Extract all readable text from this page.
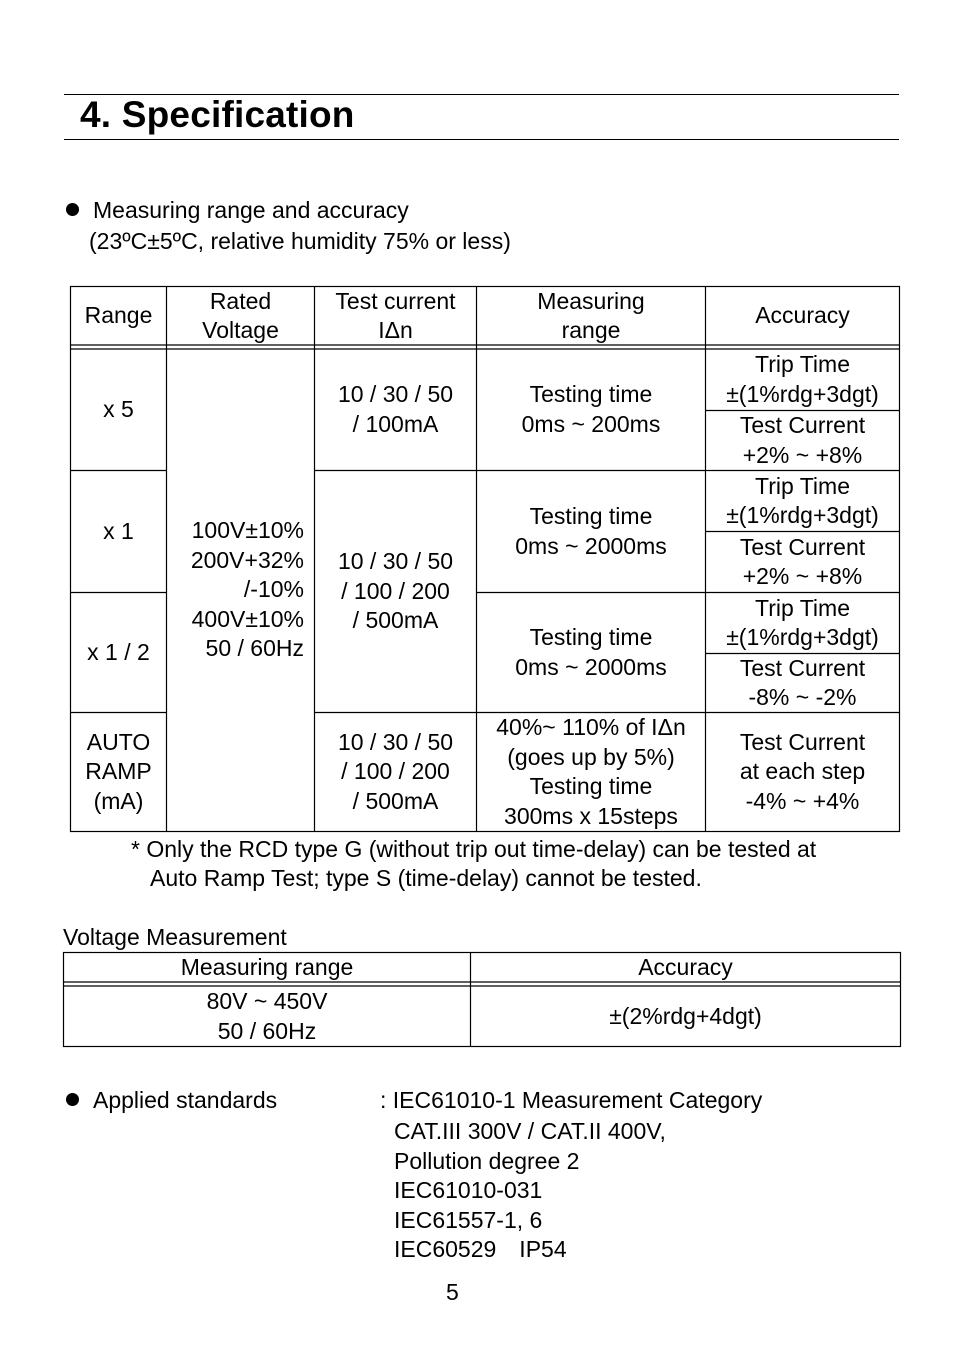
4. Specification
Measuring range and accuracy
(23ºC±5ºC, relative humidity 75% or less)
Range
Rated
Voltage
Test current
IΔn
Measuring
range
Accuracy
x 5
x 1
x 1 / 2
AUTO
RAMP
(mA)
100V±10%
200V+32%
/-10%
400V±10%
50 / 60Hz
10 / 30 / 50
/ 100mA
10 / 30 / 50
/ 100 / 200
/ 500mA
10 / 30 / 50
/ 100 / 200
/ 500mA
Testing time
0ms ~ 200ms
Testing time
0ms ~ 2000ms
Testing time
0ms ~ 2000ms
40%~ 110% of IΔn
(goes up by 5%)
Testing time
300ms x 15steps
Trip Time
±(1%rdg+3dgt)
Test Current
+2% ~ +8%
Trip Time
±(1%rdg+3dgt)
Test Current
+2% ~ +8%
Trip Time
±(1%rdg+3dgt)
Test Current
-8% ~ -2%
Test Current
at each step
-4% ~ +4%
* Only the RCD type G (without trip out time-delay) can be tested at
Auto Ramp Test; type S (time-delay) cannot be tested.
Voltage Measurement
Measuring range	Accuracy
80V ~ 450V
50 / 60Hz
±(2%rdg+4dgt)
Applied standards	: IEC61010-1 Measurement Category
CAT.III 300V / CAT.II 400V,
Pollution degree 2
IEC61010-031
IEC61557-1, 6
IEC60529　IP54
5
